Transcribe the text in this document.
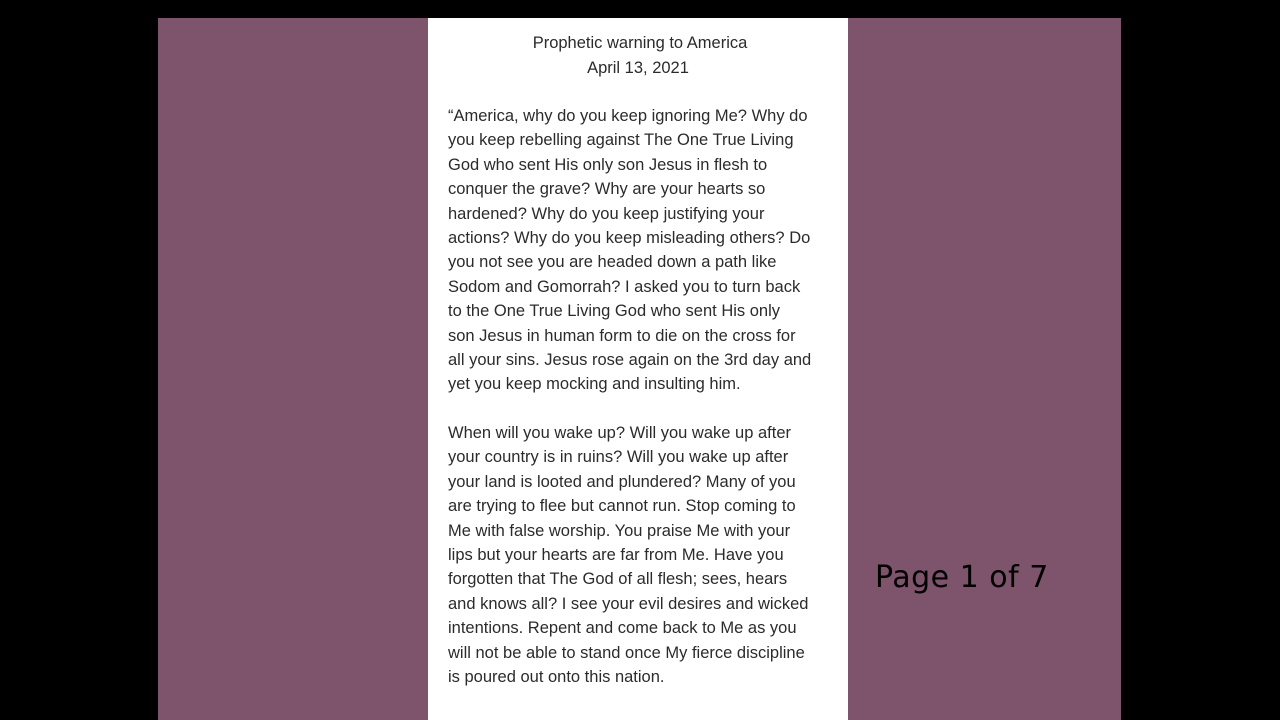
Prophetic warning to America

April 13, 2021

“America, why do you keep ignoring Me? Why do
you keep rebelling against The One True Living
God who sent His only son Jesus in flesh to
conquer the grave? Why are your hearts so
hardened? Why do you keep justifying your
actions? Why do you keep misleading others? Do
you not see you are headed down a path like
Sodom and Gomorrah? I asked you to turn back
to the One True Living God who sent His only
son Jesus in human form to die on the cross for
all your sins. Jesus rose again on the 3rd day and
yet you keep mocking and insulting him.

When will you wake up? Will you wake up after
your country is in ruins? Will you wake up after
your land is looted and plundered? Many of you
are trying to flee but cannot run. Stop coming to
Me with false worship. You praise Me with your
lips but your hearts are far from Me. Have you
forgotten that The God of all flesh; sees, hears
and knows all? I see your evil desires and wicked
intentions. Repent and come back to Me as you
will not be able to stand once My fierce discipline
is poured out onto this nation.

Page 1 of 7
